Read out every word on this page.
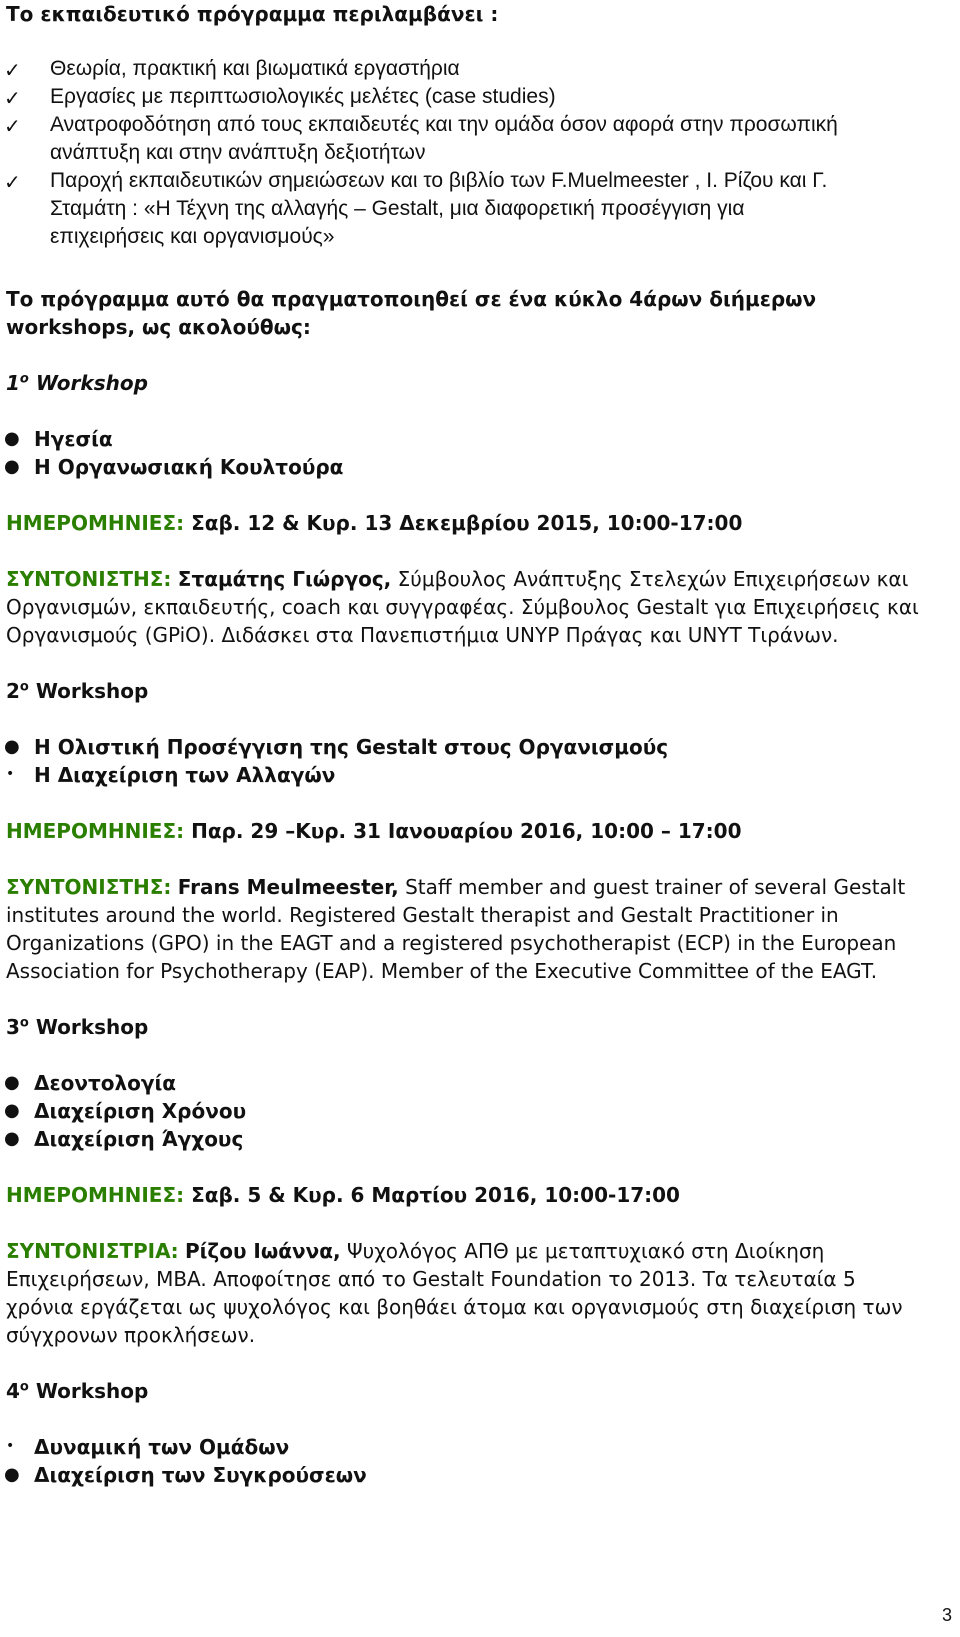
Το εκπαιδευτικό πρόγραμμα περιλαμβάνει :
✓ Θεωρία, πρακτική και βιωματικά εργαστήρια
✓ Εργασίες με περιπτωσιολογικές μελέτες (case studies)
✓ Ανατροφοδότηση από τους εκπαιδευτές και την ομάδα όσον αφορά στην προσωπική
ανάπτυξη και στην ανάπτυξη δεξιοτήτων
✓ Παροχή εκπαιδευτικών σημειώσεων και το βιβλίο των F.Muelmeester , I. Ρίζου και Γ.
Σταμάτη : «Η Τέχνη της αλλαγής – Gestalt, μια διαφορετική προσέγγιση για
επιχειρήσεις και οργανισμούς»
Το πρόγραμμα αυτό θα πραγματοποιηθεί σε ένα κύκλο 4άρων διήμερων
workshops, ως ακολούθως:
$1^o$ Workshop
● Ηγεσία
● Η Οργανωσιακή Κουλτούρα
ΗΜΕΡΟΜΗΝΙΕΣ: Σαβ. 12 & Κυρ. 13 Δεκεμβρίου 2015, 10:00-17:00
ΣΥΝΤΟΝΙΣΤΗΣ: Σταμάτης Γιώργος, Σύμβουλος Ανάπτυξης Στελεχών Επιχειρήσεων και
Οργανισμών, εκπαιδευτής, coach και συγγραφέας. Σύμβουλος Gestalt για Επιχειρήσεις και
Οργανισμούς (GPiO). Διδάσκει στα Πανεπιστήμια UNYP Πράγας και UNYT Τιράνων.
2$^o$ Workshop
● Η Ολιστική Προσέγγιση της Gestalt στους Οργανισμούς
• Η Διαχείριση των Αλλαγών
ΗΜΕΡΟΜΗΝΙΕΣ: Παρ. 29 –Κυρ. 31 Ιανουαρίου 2016, 10:00 – 17:00
ΣΥΝΤΟΝΙΣΤΗΣ: Frans Meulmeester, Staff member and guest trainer of several Gestalt
institutes around the world. Registered Gestalt therapist and Gestalt Practitioner in
Organizations (GPO) in the EAGT and a registered psychotherapist (ECP) in the European
Association for Psychotherapy (EAP). Member of the Executive Committee of the EAGT.
3$^o$ Workshop
● Δεοντολογία
● Διαχείριση Χρόνου
● Διαχείριση Άγχους
ΗΜΕΡΟΜΗΝΙΕΣ: Σαβ. 5 & Κυρ. 6 Μαρτίου 2016, 10:00-17:00
ΣΥΝΤΟΝΙΣΤΡΙΑ: Ρίζου Ιωάννα, Ψυχολόγος ΑΠΘ με μεταπτυχιακό στη Διοίκηση
Επιχειρήσεων, MBA. Αποφοίτησε από το Gestalt Foundation το 2013. Τα τελευταία 5
χρόνια εργάζεται ως ψυχολόγος και βοηθάει άτομα και οργανισμούς στη διαχείριση των
σύγχρονων προκλήσεων.
4$^o$ Workshop
• Δυναμική των Ομάδων
● Διαχείριση των Συγκρούσεων
3
